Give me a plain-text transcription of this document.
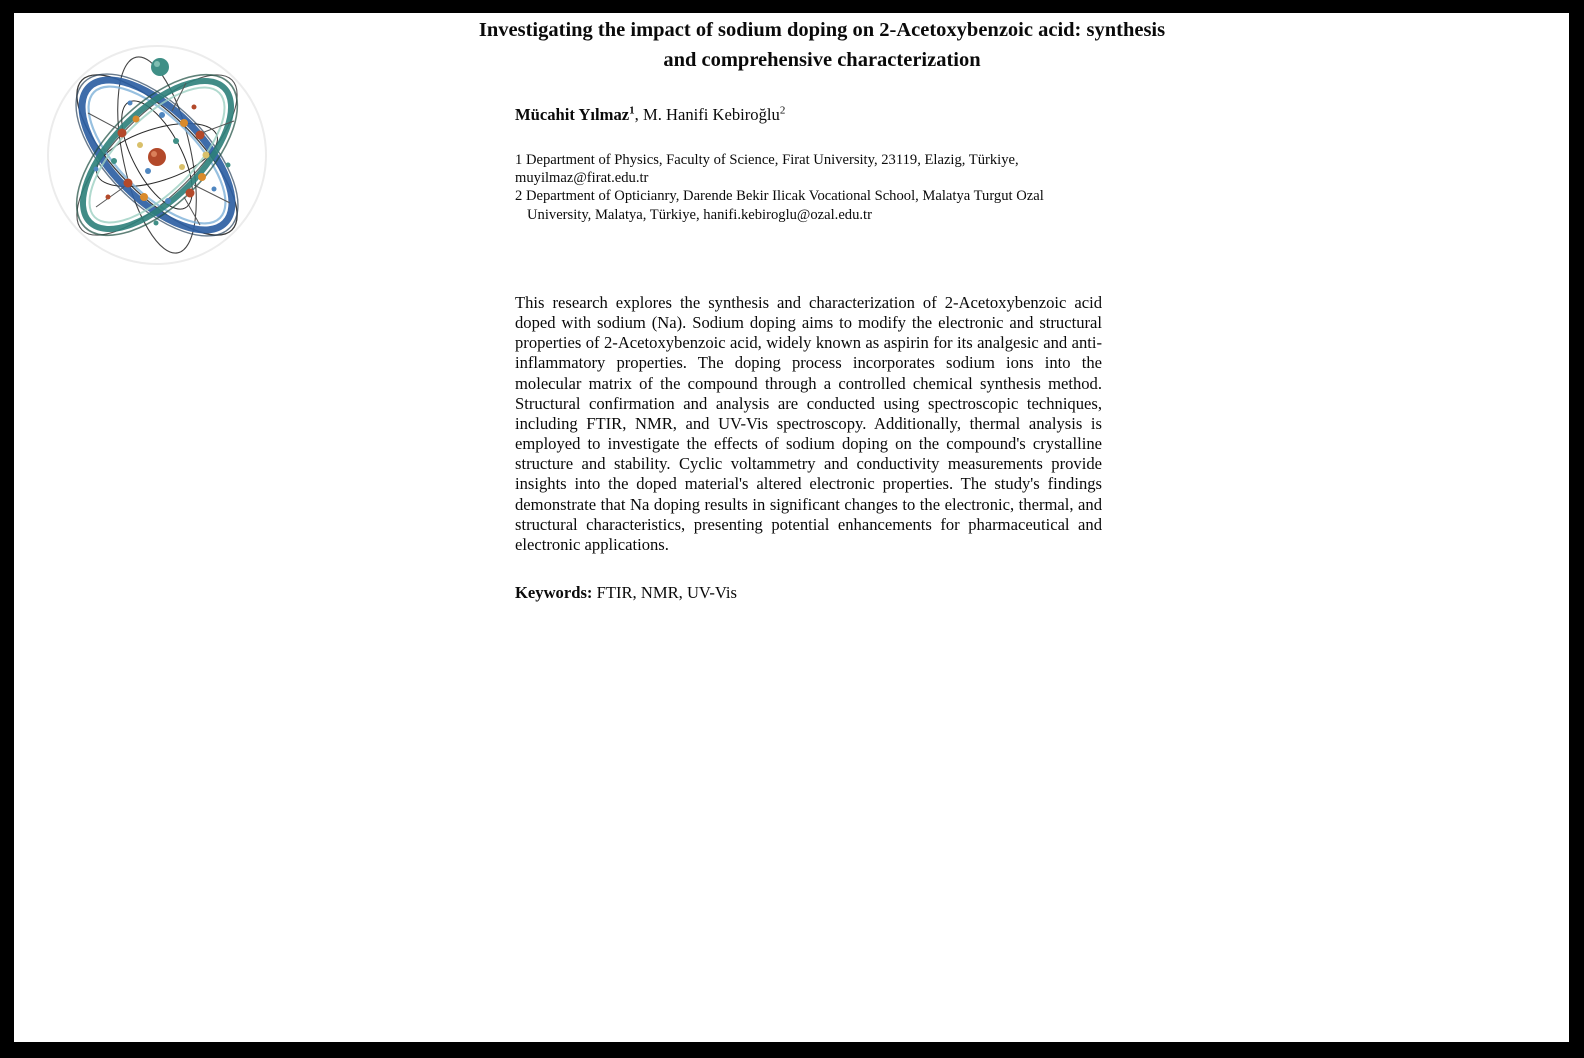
Investigating the impact of sodium doping on 2-Acetoxybenzoic acid: synthesis
and comprehensive characterization
Mücahit Yılmaz$^1$, M. Hanifi Kebiroğlu$^2$
1 Department of Physics, Faculty of Science, Firat University, 23119, Elazig, Türkiye,
muyilmaz@firat.edu.tr
2 Department of Opticianry, Darende Bekir Ilicak Vocational School, Malatya Turgut Ozal
University, Malatya, Türkiye, hanifi.kebiroglu@ozal.edu.tr
This research explores the synthesis and characterization of 2-Acetoxybenzoic acid doped with sodium (Na). Sodium doping aims to modify the electronic and structural properties of 2-Acetoxybenzoic acid, widely known as aspirin for its analgesic and anti-inflammatory properties. The doping process incorporates sodium ions into the molecular matrix of the compound through a controlled chemical synthesis method. Structural confirmation and analysis are conducted using spectroscopic techniques, including FTIR, NMR, and UV-Vis spectroscopy. Additionally, thermal analysis is employed to investigate the effects of sodium doping on the compound's crystalline structure and stability. Cyclic voltammetry and conductivity measurements provide insights into the doped material's altered electronic properties. The study's findings demonstrate that Na doping results in significant changes to the electronic, thermal, and structural characteristics, presenting potential enhancements for pharmaceutical and electronic applications.
Keywords: FTIR, NMR, UV-Vis
